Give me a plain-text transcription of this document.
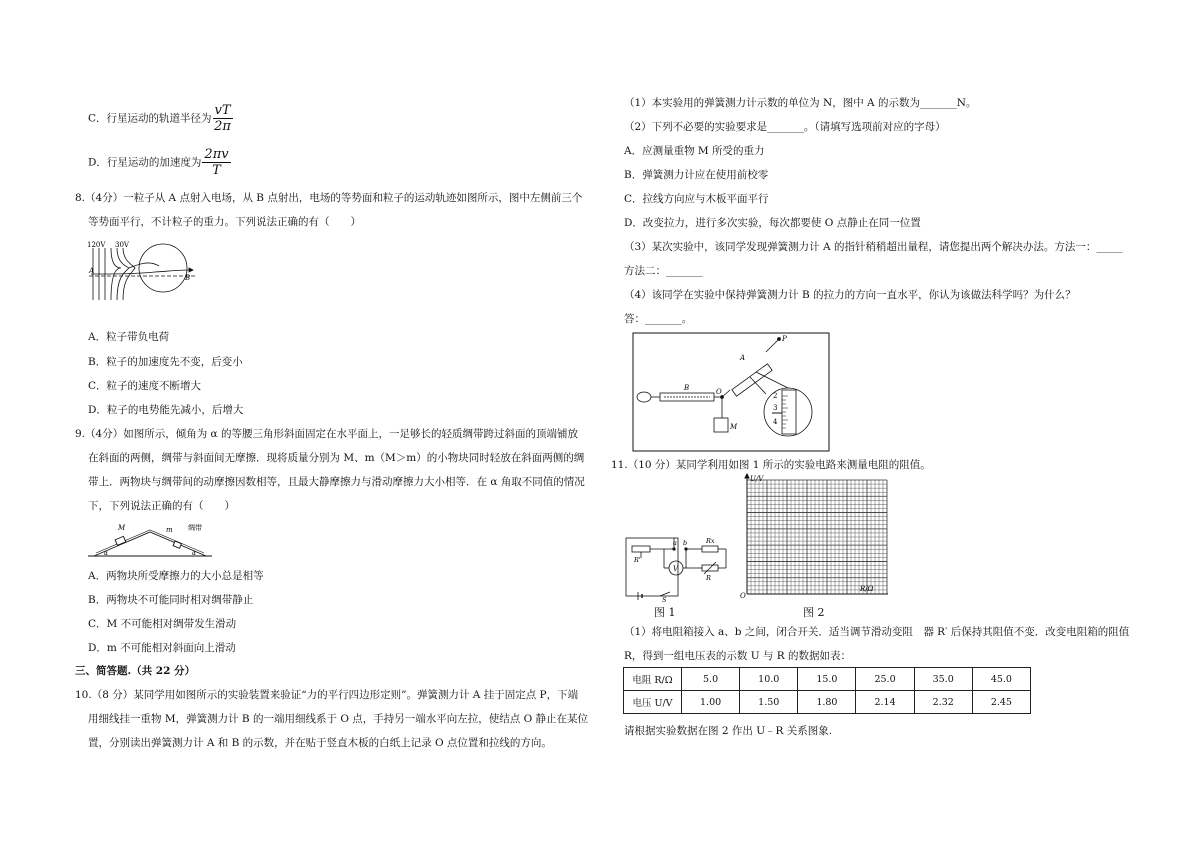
C．行星运动的轨道半径为 $\frac{vT}{2\pi}$
D．行星运动的加速度为 $\frac{2\pi v}{T}$
8.（4分）一粒子从 A 点射入电场，从 B 点射出，电场的等势面和粒子的运动轨迹如图所示，图中左侧前三个
等势面平行，不计粒子的重力。下列说法正确的有（　　）
120V 30V
A
B
A．粒子带负电荷
B．粒子的加速度先不变，后变小
C．粒子的速度不断增大
D．粒子的电势能先减小，后增大
9.（4分）如图所示，倾角为 α 的等腰三角形斜面固定在水平面上，一足够长的轻质绸带跨过斜面的顶端铺放
在斜面的两侧，绸带与斜面间无摩擦．现将质量分别为 M、m（M＞m）的小物块同时轻放在斜面两侧的绸
带上．两物块与绸带间的动摩擦因数相等，且最大静摩擦力与滑动摩擦力大小相等．在 α 角取不同值的情况
下，下列说法正确的有（　　）
M	m 绸带
α	α
A．两物块所受摩擦力的大小总是相等
B．两物块不可能同时相对绸带静止
C．M 不可能相对绸带发生滑动
D．m 不可能相对斜面向上滑动
三、简答题.（共 22 分）
10.（8 分）某同学用如图所示的实验装置来验证“力的平行四边形定则”。弹簧测力计 A 挂于固定点 P，下端
用细线挂一重物 M，弹簧测力计 B 的一端用细线系于 O 点，手持另一端水平向左拉，使结点 O 静止在某位
置，分别读出弹簧测力计 A 和 B 的示数，并在贴于竖直木板的白纸上记录 O 点位置和拉线的方向。
（1）本实验用的弹簧测力计示数的单位为 N，图中 A 的示数为_______N。
（2）下列不必要的实验要求是_______。（请填写选项前对应的字母）
A．应测量重物 M 所受的重力
B．弹簧测力计应在使用前校零
C．拉线方向应与木板平面平行
D．改变拉力，进行多次实验，每次都要使 O 点静止在同一位置
（3）某次实验中，该同学发现弹簧测力计 A 的指针稍稍超出量程，请您提出两个解决办法。方法一：_____
方法二：_______
（4）该同学在实验中保持弹簧测力计 B 的拉力的方向一直水平，你认为该做法科学吗？为什么？
答：_______。
B
A
P
O
M
2
3
4
11.（10 分）某同学利用如图 1 所示的实验电路来测量电阻的阻值。
R'
a b	Rx
V
R
S
图 1
U/V
R/Ω
O
图 2
（1）将电阻箱接入 a、b 之间，闭合开关．适当调节滑动变阻　器 R′ 后保持其阻值不变．改变电阻箱的阻值
R，得到一组电压表的示数 U 与 R 的数据如表：
电阻 R/Ω	5.0	10.0	15.0	25.0	35.0	45.0
电压 U/V	1.00	1.50	1.80	2.14	2.32	2.45
请根据实验数据在图 2 作出 U﹣R 关系图象.
